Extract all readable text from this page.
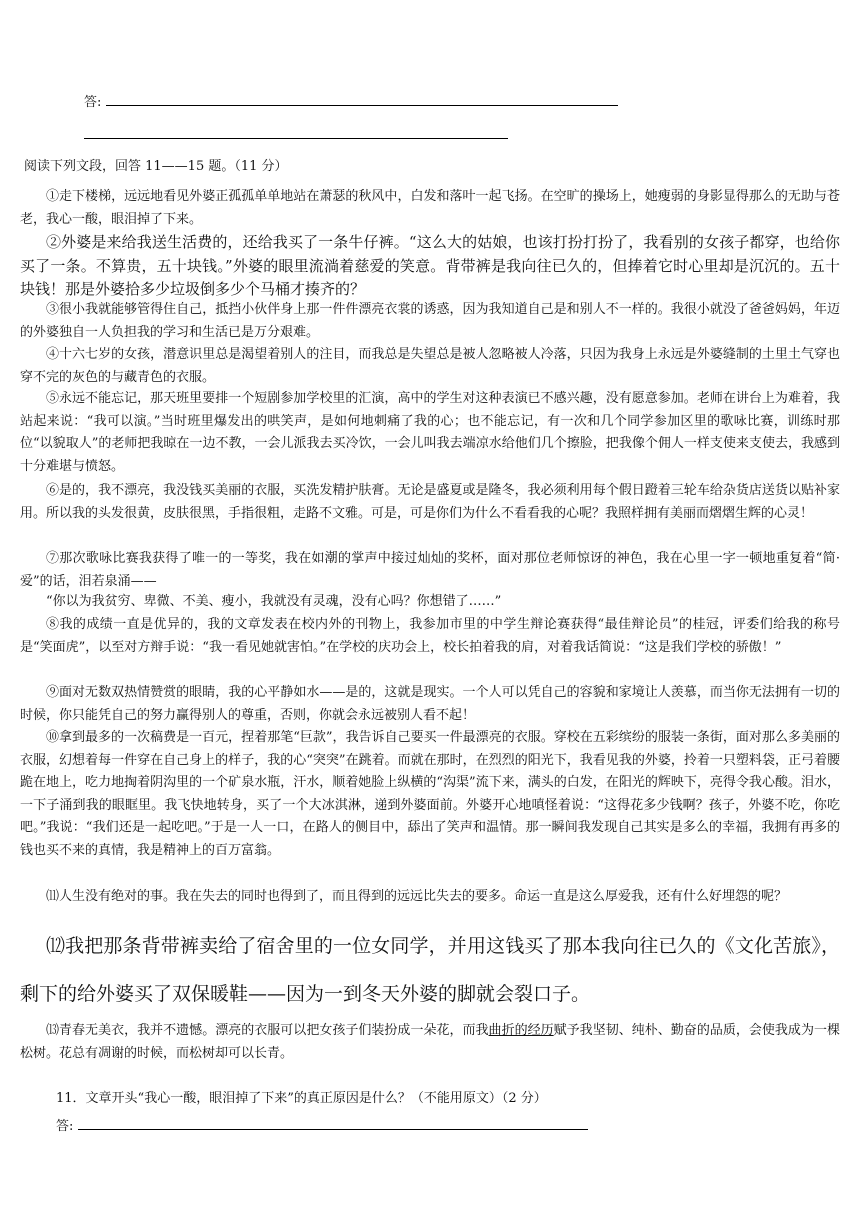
答:
阅读下列文段，回答 11——15 题。（11 分）

①走下楼梯，远远地看见外婆正孤孤单单地站在萧瑟的秋风中，白发和落叶一起飞扬。在空旷的操场上，她瘦弱的身影显得那么的无助与苍老，我心一酸，眼泪掉了下来。

②外婆是来给我送生活费的，还给我买了一条牛仔裤。“这么大的姑娘，也该打扮打扮了，我看别的女孩子都穿，也给你买了一条。不算贵，五十块钱。”外婆的眼里流淌着慈爱的笑意。背带裤是我向往已久的，但捧着它时心里却是沉沉的。五十块钱！那是外婆拾多少垃圾倒多少个马桶才揍齐的？

③很小我就能够管得住自己，抵挡小伙伴身上那一件件漂亮衣裳的诱惑，因为我知道自己是和别人不一样的。我很小就没了爸爸妈妈，年迈的外婆独自一人负担我的学习和生活已是万分艰难。

④十六七岁的女孩，潜意识里总是渴望着别人的注目，而我总是失望总是被人忽略被人冷落，只因为我身上永远是外婆缝制的土里土气穿也穿不完的灰色的与藏青色的衣服。

⑤永远不能忘记，那天班里要排一个短剧参加学校里的汇演，高中的学生对这种表演已不感兴趣，没有愿意参加。老师在讲台上为难着，我站起来说：“我可以演。”当时班里爆发出的哄笑声，是如何地刺痛了我的心；也不能忘记，有一次和几个同学参加区里的歌咏比赛，训练时那位“以貌取人”的老师把我晾在一边不教，一会儿派我去买冷饮，一会儿叫我去端凉水给他们几个擦脸，把我像个佣人一样支使来支使去，我感到十分难堪与愤怒。

⑥是的，我不漂亮，我没钱买美丽的衣服，买洗发精护肤膏。无论是盛夏或是隆冬，我必须利用每个假日蹬着三轮车给杂货店送货以贴补家用。所以我的头发很黄，皮肤很黑，手指很粗，走路不文雅。可是，可是你们为什么不看看我的心呢？我照样拥有美丽而熠熠生辉的心灵！

⑦那次歌咏比赛我获得了唯一的一等奖，我在如潮的掌声中接过灿灿的奖杯，面对那位老师惊讶的神色，我在心里一字一顿地重复着“简·爱”的话，泪若泉涌——

“你以为我贫穷、卑微、不美、瘦小，我就没有灵魂，没有心吗？你想错了……”

⑧我的成绩一直是优异的，我的文章发表在校内外的刊物上，我参加市里的中学生辩论赛获得“最佳辩论员”的桂冠，评委们给我的称号是“笑面虎”，以至对方辩手说：“我一看见她就害怕。”在学校的庆功会上，校长拍着我的肩，对着我话简说：“这是我们学校的骄傲！”

⑨面对无数双热情赞赏的眼睛，我的心平静如水——是的，这就是现实。一个人可以凭自己的容貌和家境让人羡慕，而当你无法拥有一切的时候，你只能凭自己的努力赢得别人的尊重，否则，你就会永远被别人看不起！

⑩拿到最多的一次稿费是一百元，捏着那笔“巨款”，我告诉自己要买一件最漂亮的衣服。穿校在五彩缤纷的服装一条街，面对那么多美丽的衣服，幻想着每一件穿在自己身上的样子，我的心“突突”在跳着。而就在那时，在烈烈的阳光下，我看见我的外婆，拎着一只塑料袋，正弓着腰跪在地上，吃力地掏着阴沟里的一个矿泉水瓶，汗水，顺着她脸上纵横的“沟渠”流下来，满头的白发，在阳光的辉映下，亮得令我心酸。泪水，一下子涌到我的眼眶里。我飞快地转身，买了一个大冰淇淋，递到外婆面前。外婆开心地嗔怪着说：“这得花多少钱啊？孩子，外婆不吃，你吃吧。”我说：“我们还是一起吃吧。”于是一人一口，在路人的侧目中，舔出了笑声和温情。那一瞬间我发现自己其实是多么的幸福，我拥有再多的钱也买不来的真情，我是精神上的百万富翁。

⑾人生没有绝对的事。我在失去的同时也得到了，而且得到的远远比失去的要多。命运一直是这么厚爱我，还有什么好埋怨的呢？

⑿我把那条背带裤卖给了宿舍里的一位女同学，并用这钱买了那本我向往已久的《文化苦旅》，剩下的给外婆买了双保暖鞋——因为一到冬天外婆的脚就会裂口子。

⒀青春无美衣，我并不遗憾。漂亮的衣服可以把女孩子们装扮成一朵花，而我曲折的经历赋予我坚韧、纯朴、勤奋的品质，会使我成为一棵松树。花总有凋谢的时候，而松树却可以长青。

11．文章开头“我心一酸，眼泪掉了下来”的真正原因是什么？（不能用原文）（2 分）
答:
